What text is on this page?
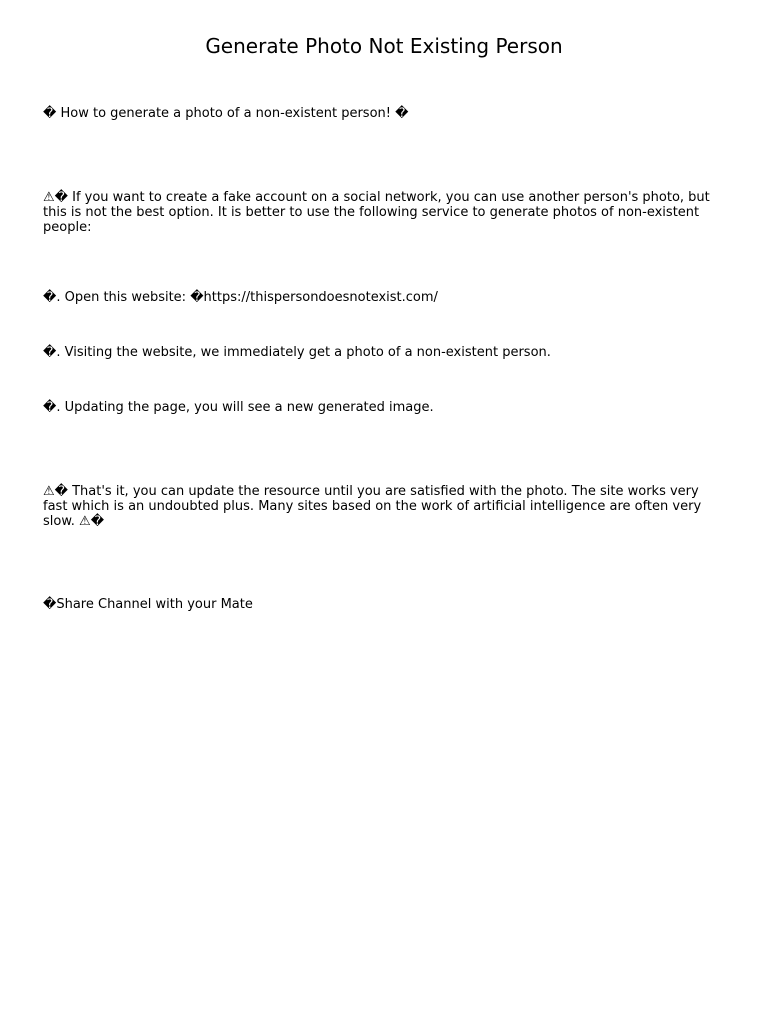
Generate Photo Not Existing Person

� How to generate a photo of a non-existent person! �

⚠� If you want to create a fake account on a social network, you can use another person's photo, but this is not the best option. It is better to use the following service to generate photos of non-existent people:

�. Open this website: �https://thispersondoesnotexist.com/

�. Visiting the website, we immediately get a photo of a non-existent person.

�. Updating the page, you will see a new generated image.

⚠� That's it, you can update the resource until you are satisfied with the photo. The site works very fast which is an undoubted plus. Many sites based on the work of artificial intelligence are often very slow. ⚠�

�Share Channel with your Mate
